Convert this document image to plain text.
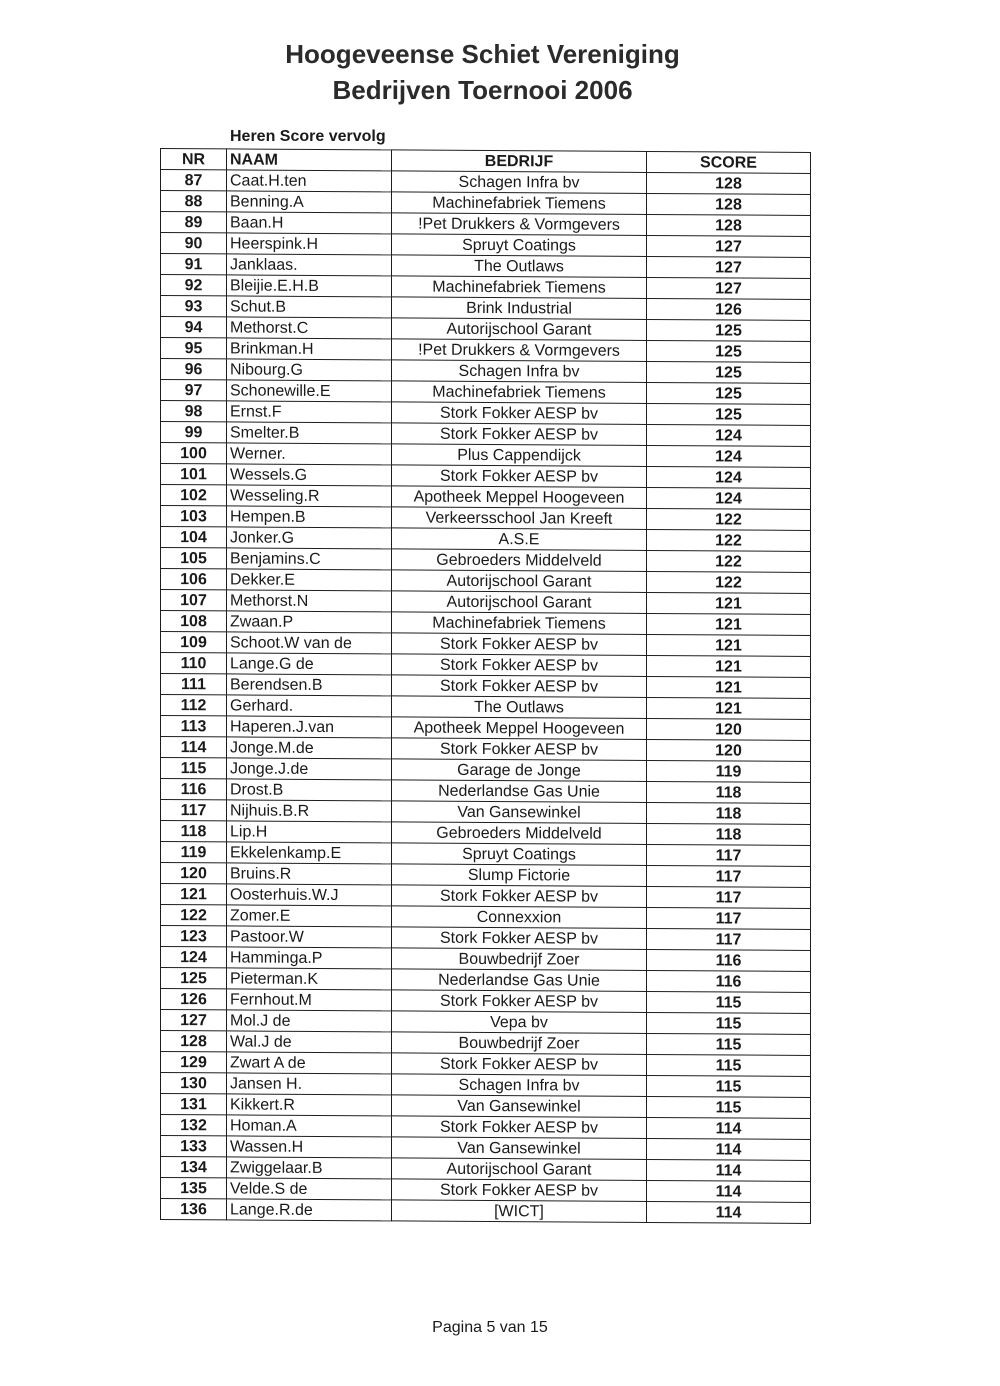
Hoogeveense Schiet Vereniging
Bedrijven Toernooi 2006
Heren Score vervolg
NR	NAAM	BEDRIJF	SCORE
87	Caat.H.ten	Schagen Infra bv	128
88	Benning.A	Machinefabriek Tiemens	128
89	Baan.H	!Pet Drukkers & Vormgevers	128
90	Heerspink.H	Spruyt Coatings	127
91	Janklaas.	The Outlaws	127
92	Bleijie.E.H.B	Machinefabriek Tiemens	127
93	Schut.B	Brink Industrial	126
94	Methorst.C	Autorijschool Garant	125
95	Brinkman.H	!Pet Drukkers & Vormgevers	125
96	Nibourg.G	Schagen Infra bv	125
97	Schonewille.E	Machinefabriek Tiemens	125
98	Ernst.F	Stork Fokker AESP bv	125
99	Smelter.B	Stork Fokker AESP bv	124
100	Werner.	Plus Cappendijck	124
101	Wessels.G	Stork Fokker AESP bv	124
102	Wesseling.R	Apotheek Meppel Hoogeveen	124
103	Hempen.B	Verkeersschool Jan Kreeft	122
104	Jonker.G	A.S.E	122
105	Benjamins.C	Gebroeders Middelveld	122
106	Dekker.E	Autorijschool Garant	122
107	Methorst.N	Autorijschool Garant	121
108	Zwaan.P	Machinefabriek Tiemens	121
109	Schoot.W van de	Stork Fokker AESP bv	121
110	Lange.G de	Stork Fokker AESP bv	121
111	Berendsen.B	Stork Fokker AESP bv	121
112	Gerhard.	The Outlaws	121
113	Haperen.J.van	Apotheek Meppel Hoogeveen	120
114	Jonge.M.de	Stork Fokker AESP bv	120
115	Jonge.J.de	Garage de Jonge	119
116	Drost.B	Nederlandse Gas Unie	118
117	Nijhuis.B.R	Van Gansewinkel	118
118	Lip.H	Gebroeders Middelveld	118
119	Ekkelenkamp.E	Spruyt Coatings	117
120	Bruins.R	Slump Fictorie	117
121	Oosterhuis.W.J	Stork Fokker AESP bv	117
122	Zomer.E	Connexxion	117
123	Pastoor.W	Stork Fokker AESP bv	117
124	Hamminga.P	Bouwbedrijf Zoer	116
125	Pieterman.K	Nederlandse Gas Unie	116
126	Fernhout.M	Stork Fokker AESP bv	115
127	Mol.J de	Vepa bv	115
128	Wal.J de	Bouwbedrijf Zoer	115
129	Zwart A de	Stork Fokker AESP bv	115
130	Jansen H.	Schagen Infra bv	115
131	Kikkert.R	Van Gansewinkel	115
132	Homan.A	Stork Fokker AESP bv	114
133	Wassen.H	Van Gansewinkel	114
134	Zwiggelaar.B	Autorijschool Garant	114
135	Velde.S de	Stork Fokker AESP bv	114
136	Lange.R.de	[WICT]	114
Pagina 5 van 15
